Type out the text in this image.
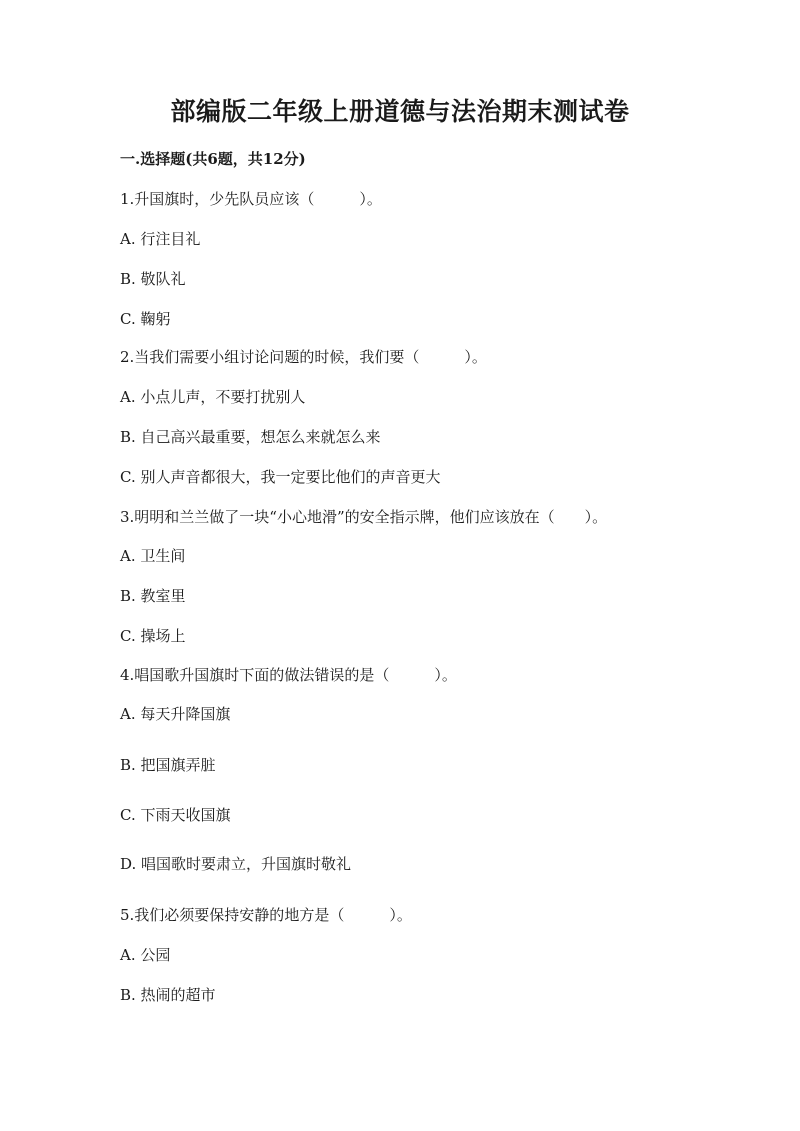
部编版二年级上册道德与法治期末测试卷
一.选择题(共6题，共12分)
1.升国旗时，少先队员应该（　　　）。
A. 行注目礼
B. 敬队礼
C. 鞠躬
2.当我们需要小组讨论问题的时候，我们要（　　　）。
A. 小点儿声，不要打扰别人
B. 自己高兴最重要，想怎么来就怎么来
C. 别人声音都很大，我一定要比他们的声音更大
3.明明和兰兰做了一块“小心地滑”的安全指示牌，他们应该放在（　　）。
A. 卫生间
B. 教室里
C. 操场上
4.唱国歌升国旗时下面的做法错误的是（　　　）。
A. 每天升降国旗
B. 把国旗弄脏
C. 下雨天收国旗
D. 唱国歌时要肃立，升国旗时敬礼
5.我们必须要保持安静的地方是（　　　）。
A. 公园
B. 热闹的超市
